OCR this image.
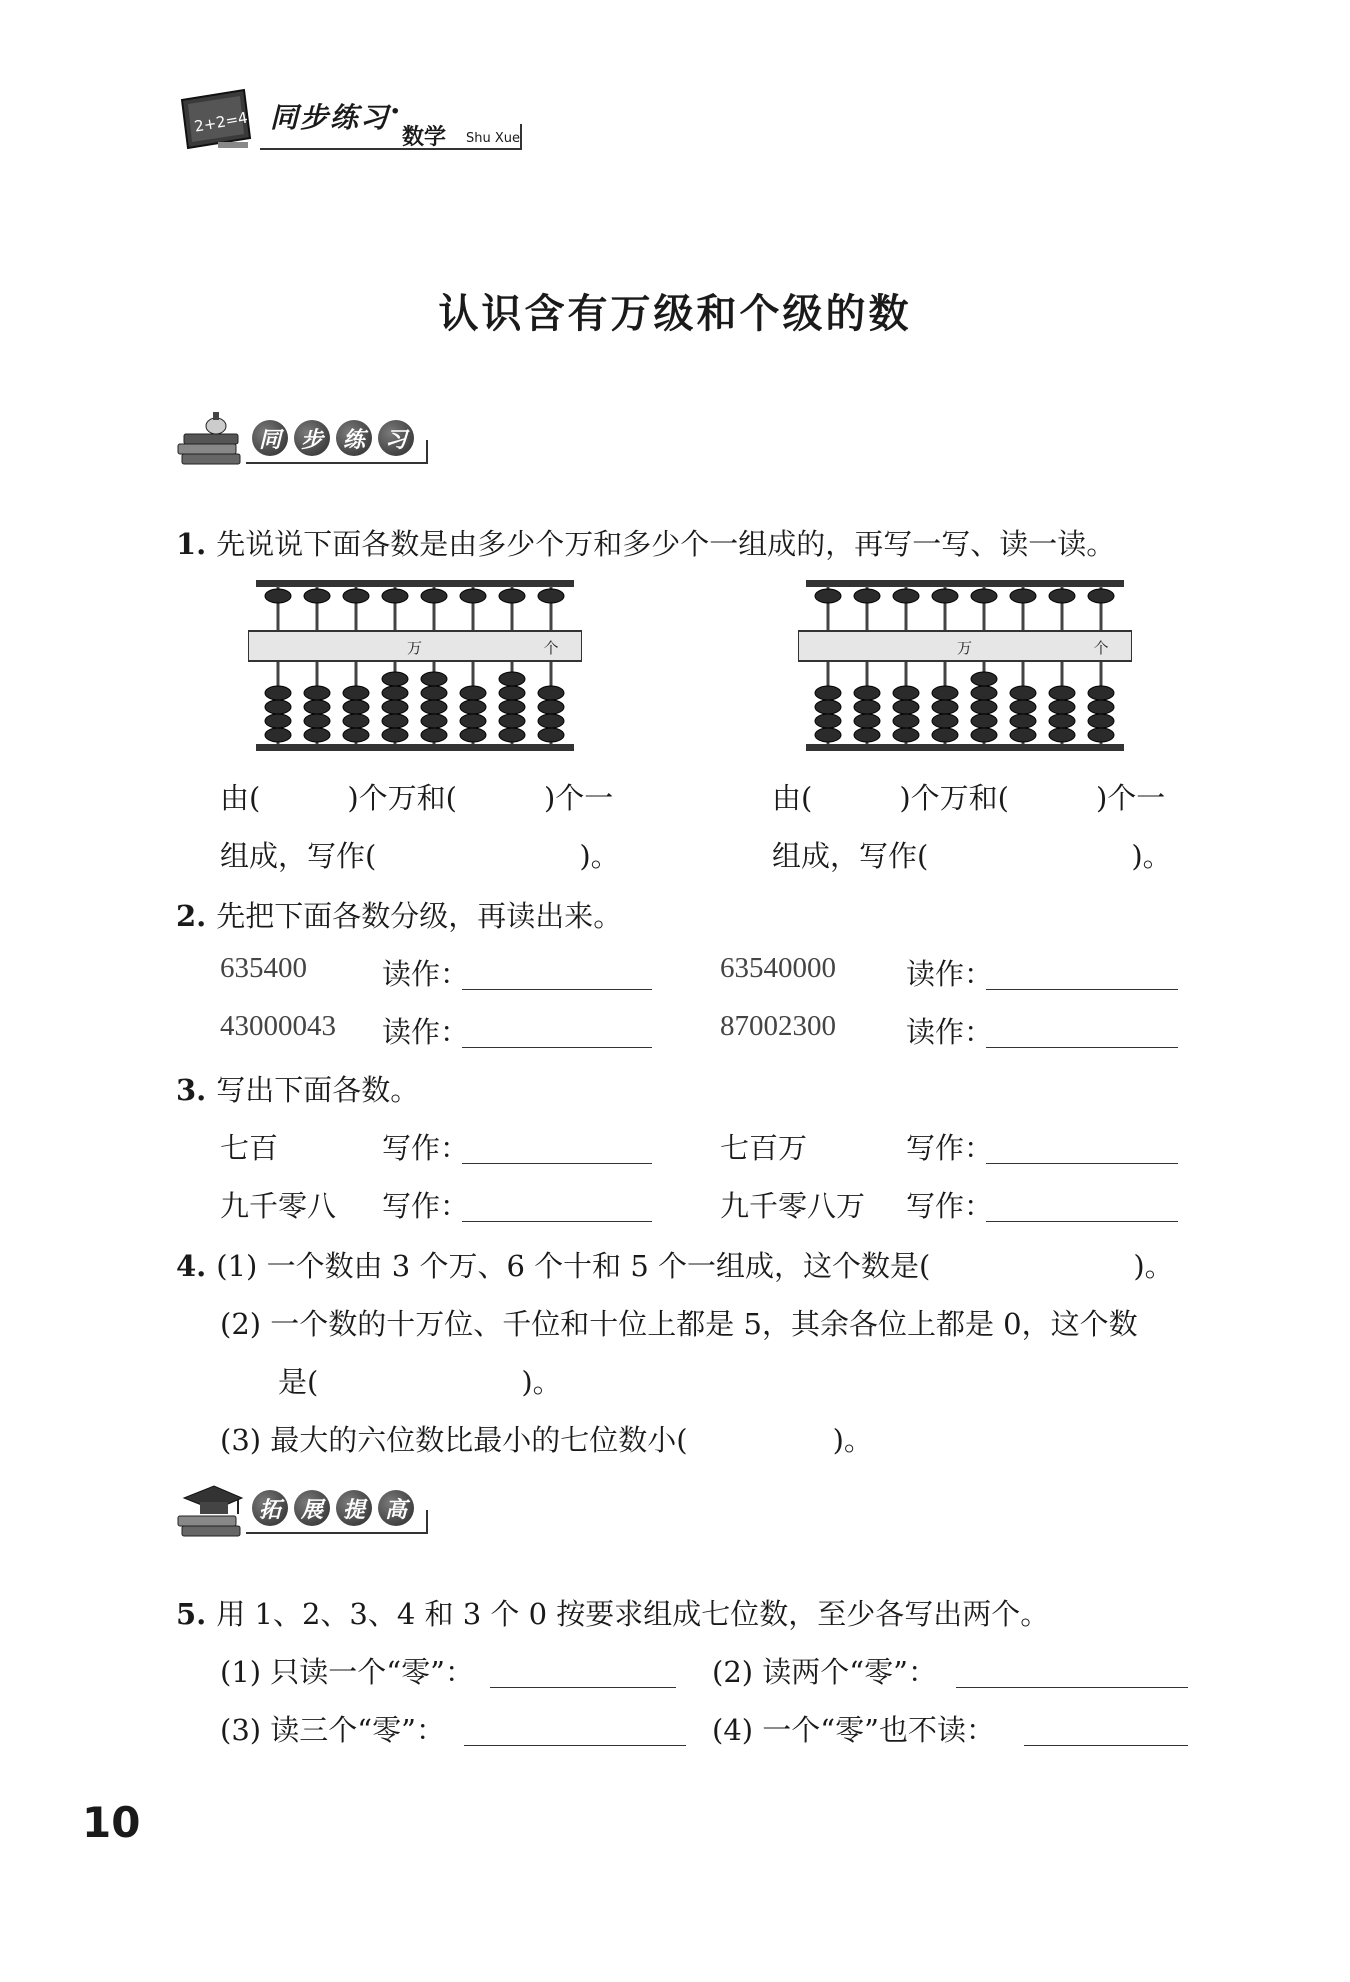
2+2=4 同步练习 ·
数学 Shu Xue
认识含有万级和个级的数
同 步 练 习
1. 先说说下面各数是由多少个万和多少个一组成的，再写一写、读一读。
万	个	万	个
由(　　　)个万和(　　　)个一
组成，写作(　　　　　　　)。
由(　　　)个万和(　　　)个一
组成，写作(　　　　　　　)。
2. 先把下面各数分级，再读出来。
635400	读作：	63540000 读作：
43000043 读作：	87002300 读作：
3. 写出下面各数。
七百	写作：	七百万	写作：
九千零八 写作：	九千零八万 写作：
4. (1) 一个数由 3 个万、6 个十和 5 个一组成，这个数是(　　　　　　　)。
(2) 一个数的十万位、千位和十位上都是 5，其余各位上都是 0，这个数
是(　　　　　　　)。
(3) 最大的六位数比最小的七位数小(　　　　　)。
拓 展 提 高
5. 用 1、2、3、4 和 3 个 0 按要求组成七位数，至少各写出两个。
(1) 只读一个“零”：	(2) 读两个“零”：
(3) 读三个“零”：	(4) 一个“零”也不读：
10
